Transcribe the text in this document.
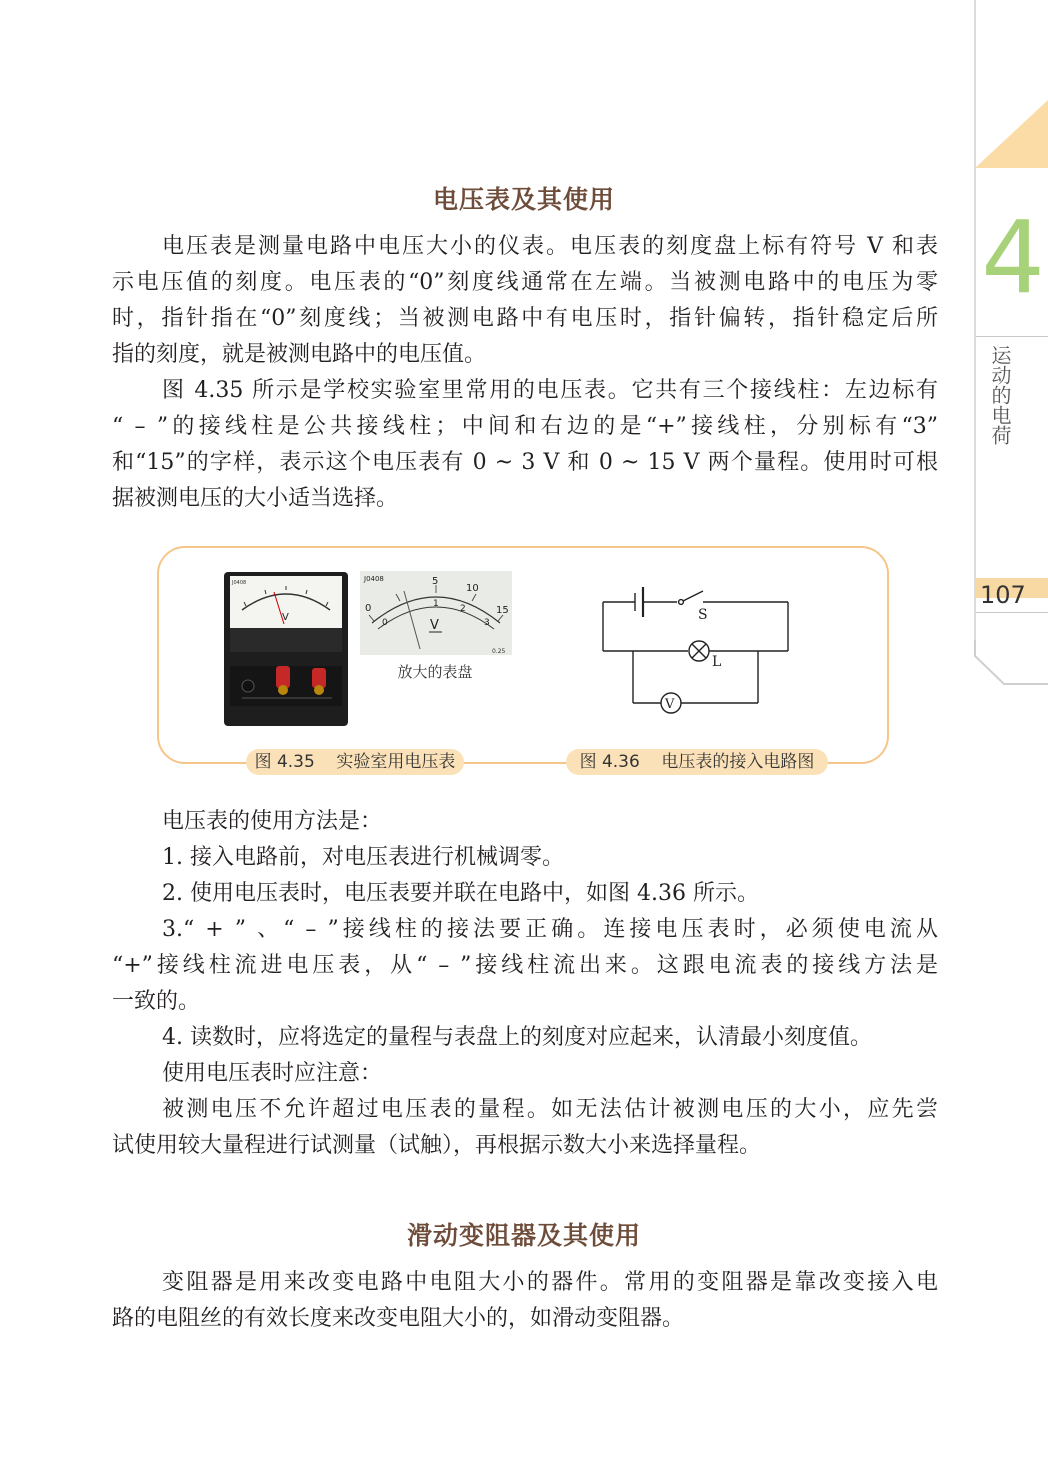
4
运动的电荷
107
电压表及其使用
电压表是测量电路中电压大小的仪表。电压表的刻度盘上标有符号 V 和表
示电压值的刻度。电压表的“0”刻度线通常在左端。当被测电路中的电压为零
时，指针指在“0”刻度线；当被测电路中有电压时，指针偏转，指针稳定后所
指的刻度，就是被测电路中的电压值。
图 4.35 所示是学校实验室里常用的电压表。它共有三个接线柱：左边标有
“ – ”的接线柱是公共接线柱；中间和右边的是“+”接线柱，分别标有“3”
和“15”的字样，表示这个电压表有 0 ~ 3 V 和 0 ~ 15 V 两个量程。使用时可根
据被测电压的大小适当选择。
V
J0408	J0408
0
5
10
15
0
1 2
3
V
0.25
放大的表盘
S
L
V
图 4.35    实验室用电压表	图 4.36    电压表的接入电路图
电压表的使用方法是：
1. 接入电路前，对电压表进行机械调零。
2. 使用电压表时，电压表要并联在电路中，如图 4.36 所示。
3.“ + ” 、“ – ”接线柱的接法要正确。连接电压表时，必须使电流从
“+”接线柱流进电压表，从“ – ”接线柱流出来。这跟电流表的接线方法是
一致的。
4. 读数时，应将选定的量程与表盘上的刻度对应起来，认清最小刻度值。
使用电压表时应注意：
被测电压不允许超过电压表的量程。如无法估计被测电压的大小，应先尝
试使用较大量程进行试测量（试触），再根据示数大小来选择量程。
滑动变阻器及其使用
变阻器是用来改变电路中电阻大小的器件。常用的变阻器是靠改变接入电
路的电阻丝的有效长度来改变电阻大小的，如滑动变阻器。
